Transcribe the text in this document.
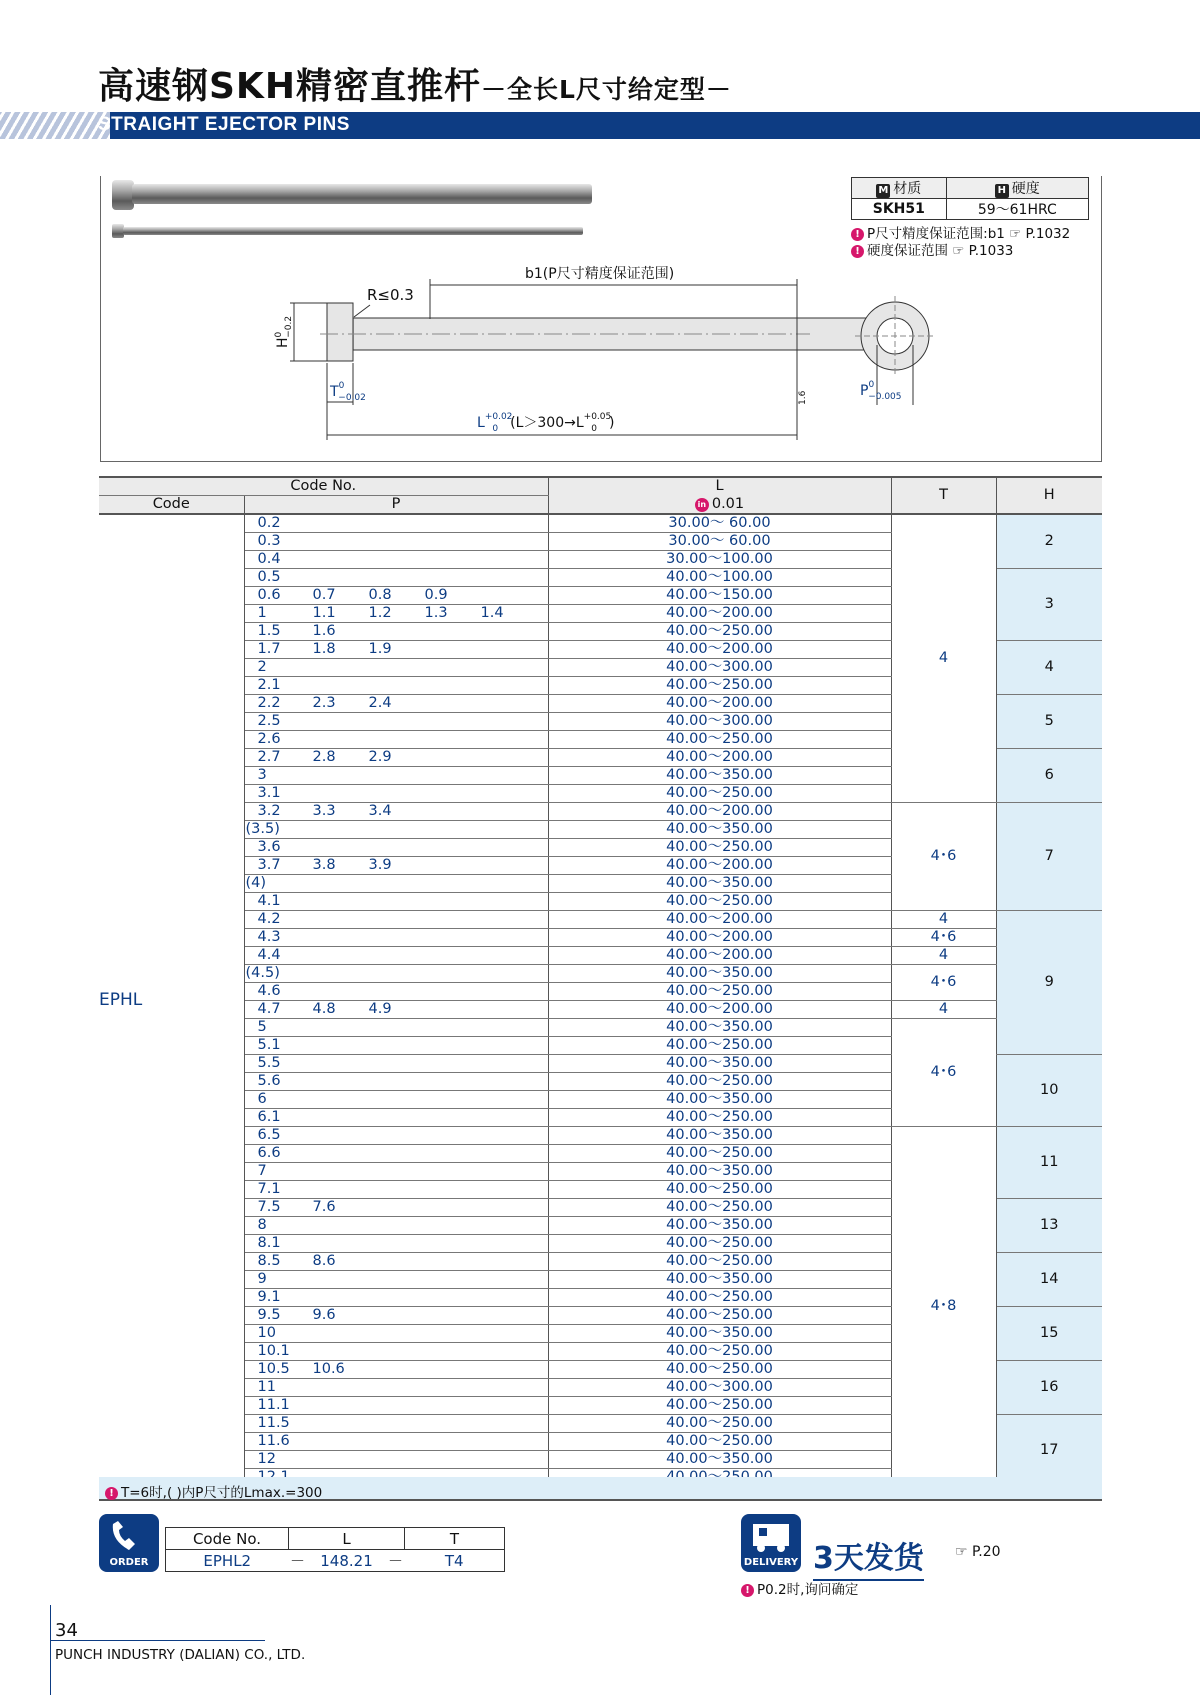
高速钢SKH精密直推杆－全长L尺寸给定型－
STRAIGHT EJECTOR PINS
b1(P尺寸精度保证范围)
R≤0.3
$H^0-0.2$
$T^0 -0.02$
$L^{+0.02}$ 0 ($L>300\to L^{+0.05}$ 0 )
1.6	$P^0 -0.005$
M 材质	H 硬度
SKH51	59～61HRC
! P尺寸精度保证范围:b1 ☞ P.1032
! 硬度保证范围 ☞ P.1033
Code No.		L	T	H
Code	P	in 0.01		
EPHL	0.2	30.00～ 60.00	4	2
	0.3	30.00～ 60.00		
	0.4	30.00～100.00		
	0.5	40.00～100.00		3
	0.6 0.7 0.8 0.9	40.00～150.00		
	1 1.1 1.2 1.3 1.4	40.00～200.00		
	1.5 1.6	40.00～250.00		
	1.7 1.8 1.9	40.00～200.00		4
	2	40.00～300.00		
	2.1	40.00～250.00		
	2.2 2.3 2.4	40.00～200.00		5
	2.5	40.00～300.00		
	2.6	40.00～250.00		
	2.7 2.8 2.9	40.00～200.00		6
	3	40.00～350.00		
	3.1	40.00～250.00		
	3.2 3.3 3.4	40.00～200.00	4･6	7
	(3.5)	40.00～350.00		
	3.6	40.00～250.00		
	3.7 3.8 3.9	40.00～200.00		
	(4)	40.00～350.00		
	4.1	40.00～250.00		
	4.2	40.00～200.00	4	9
	4.3	40.00～200.00	4･6	
	4.4	40.00～200.00	4	
	(4.5)	40.00～350.00	4･6	
	4.6	40.00～250.00		
	4.7 4.8 4.9	40.00～200.00	4	
	5	40.00～350.00	4･6	
	5.1	40.00～250.00		
	5.5	40.00～350.00		10
	5.6	40.00～250.00		
	6	40.00～350.00		
	6.1	40.00～250.00		
	6.5	40.00～350.00	4･8	11
	6.6	40.00～250.00		
	7	40.00～350.00		
	7.1	40.00～250.00		
	7.5 7.6	40.00～250.00		13
	8	40.00～350.00		
	8.1	40.00～250.00		
	8.5 8.6	40.00～250.00		14
	9	40.00～350.00		
	9.1	40.00～250.00		
	9.5 9.6	40.00～250.00		15
	10	40.00～350.00		
	10.1	40.00～250.00		
	10.5 10.6	40.00～250.00		16
	11	40.00～300.00		
	11.1	40.00～250.00		
	11.5	40.00～250.00		17
	11.6	40.00～250.00		
	12	40.00～350.00		

! T=6时,( )内P尺寸的Lmax.=300
ORDER
Code No.	L			T
EPHL2	－	148.21	－	T4	DELIVERY 3天发货 ☞ P.20
! P0.2时,询问确定
34
PUNCH INDUSTRY (DALIAN) CO., LTD.
